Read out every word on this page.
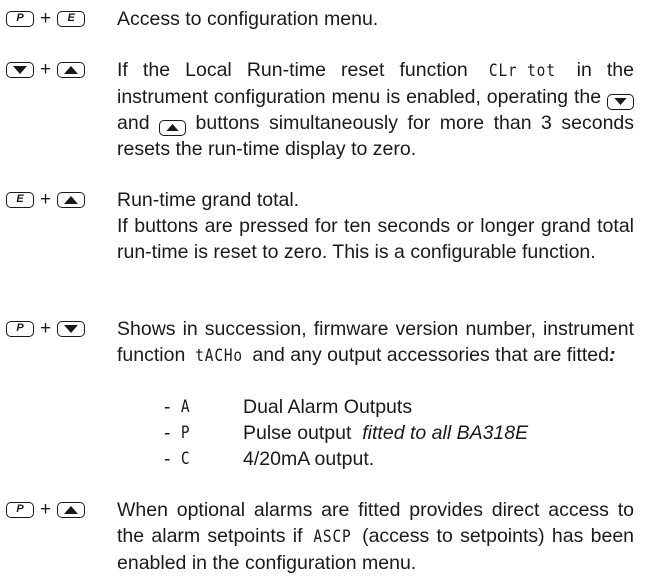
P +	E	Access to configuration menu.
+	If the Local Run-time reset function CLr tot in the instrument configuration menu is enabled, operating the
and buttons simultaneously for more than 3 seconds resets the run-time display to zero.
E +	Run-time grand total.
If buttons are pressed for ten seconds or longer grand total run-time is reset to zero. This is a configurable function.
P +	Shows in succession, firmware version number, instrument function tACHo and any output accessories that are fitted:
- A	Dual Alarm Outputs
- P	Pulse output fitted to all BA318E
- C	4/20mA output.
P +	When optional alarms are fitted provides direct access to the alarm setpoints if ASCP (access to setpoints) has been enabled in the configuration menu.
